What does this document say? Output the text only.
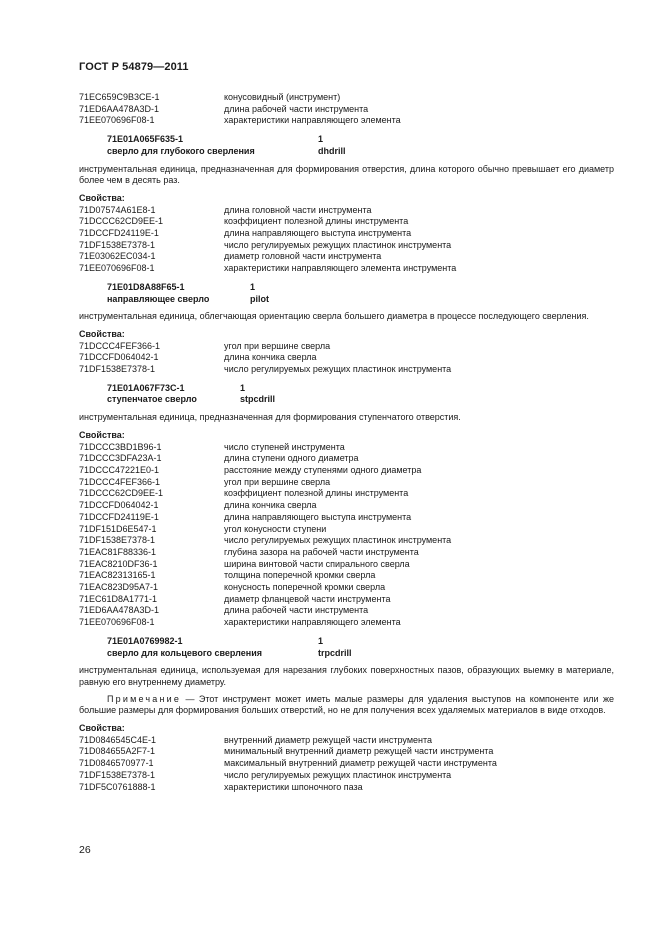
ГОСТ Р 54879—2011
71EC659C9B3CE-1	конусовидный (инструмент)
71ED6AA478A3D-1	длина рабочей части инструмента
71EE070696F08-1	характеристики направляющего элемента
71E01A065F635-1	1
сверло для глубокого сверления	dhdrill
инструментальная единица, предназначенная для формирования отверстия, длина которого обычно превышает его диаметр более чем в десять раз.
Свойства:
71D07574A61E8-1	длина головной части инструмента
71DCCC62CD9EE-1	коэффициент полезной длины инструмента
71DCCFD24119E-1	длина направляющего выступа инструмента
71DF1538E7378-1	число регулируемых режущих пластинок инструмента
71E03062EC034-1	диаметр головной части инструмента
71EE070696F08-1	характеристики направляющего элемента инструмента
71E01D8A88F65-1	1
направляющее сверло	pilot
инструментальная единица, облегчающая ориентацию сверла большего диаметра в процессе последующего сверления.
Свойства:
71DCCC4FEF366-1	угол при вершине сверла
71DCCFD064042-1	длина кончика сверла
71DF1538E7378-1	число регулируемых режущих пластинок инструмента
71E01A067F73C-1	1
ступенчатое сверло	stpcdrill
инструментальная единица, предназначенная для формирования ступенчатого отверстия.
Свойства:
71DCCC3BD1B96-1	число ступеней инструмента
71DCCC3DFA23A-1	длина ступени одного диаметра
71DCCC47221E0-1	расстояние между ступенями одного диаметра
71DCCC4FEF366-1	угол при вершине сверла
71DCCC62CD9EE-1	коэффициент полезной длины инструмента
71DCCFD064042-1	длина кончика сверла
71DCCFD24119E-1	длина направляющего выступа инструмента
71DF151D6E547-1	угол конусности ступени
71DF1538E7378-1	число регулируемых режущих пластинок инструмента
71EAC81F88336-1	глубина зазора на рабочей части инструмента
71EAC8210DF36-1	ширина винтовой части спирального сверла
71EAC82313165-1	толщина поперечной кромки сверла
71EAC823D95A7-1	конусность поперечной кромки сверла
71EC61D8A1771-1	диаметр фланцевой части инструмента
71ED6AA478A3D-1	длина рабочей части инструмента
71EE070696F08-1	характеристики направляющего элемента
71E01A0769982-1	1
сверло для кольцевого сверления	trpcdrill
инструментальная единица, используемая для нарезания глубоких поверхностных пазов, образующих выемку в материале, равную его внутреннему диаметру.
Примечание — Этот инструмент может иметь малые размеры для удаления выступов на компоненте или же большие размеры для формирования больших отверстий, но не для получения всех удаляемых материалов в виде отходов.
Свойства:
71D0846545C4E-1	внутренний диаметр режущей части инструмента
71D084655A2F7-1	минимальный внутренний диаметр режущей части инструмента
71D0846570977-1	максимальный внутренний диаметр режущей части инструмента
71DF1538E7378-1	число регулируемых режущих пластинок инструмента
71DF5C0761888-1	характеристики шпоночного паза
26
